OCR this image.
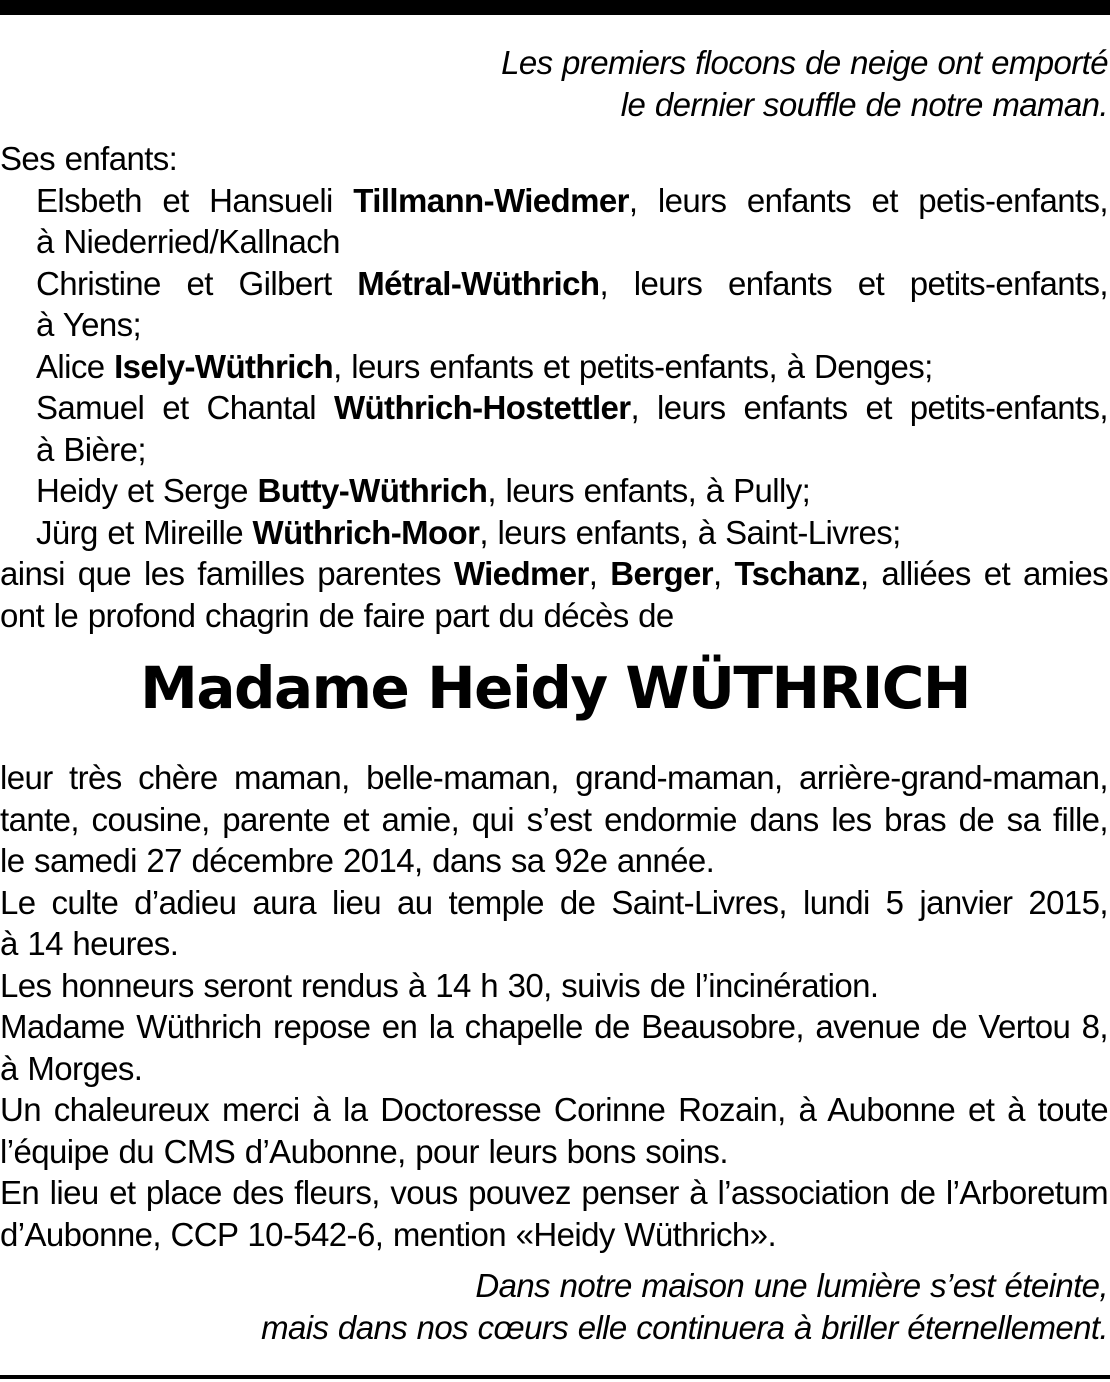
Les premiers flocons de neige ont emporté
le dernier souffle de notre maman.
Ses enfants:
Elsbeth et Hansueli Tillmann-Wiedmer, leurs enfants et petis-enfants,
à Niederried/Kallnach
Christine et Gilbert Métral-Wüthrich, leurs enfants et petits-enfants,
à Yens;
Alice Isely-Wüthrich, leurs enfants et petits-enfants, à Denges;
Samuel et Chantal Wüthrich-Hostettler, leurs enfants et petits-enfants,
à Bière;
Heidy et Serge Butty-Wüthrich, leurs enfants, à Pully;
Jürg et Mireille Wüthrich-Moor, leurs enfants, à Saint-Livres;
ainsi que les familles parentes Wiedmer, Berger, Tschanz, alliées et amies
ont le profond chagrin de faire part du décès de
Madame Heidy WÜTHRICH
leur très chère maman, belle-maman, grand-maman, arrière-grand-maman,
tante, cousine, parente et amie, qui s’est endormie dans les bras de sa fille,
le samedi 27 décembre 2014, dans sa 92e année.
Le culte d’adieu aura lieu au temple de Saint-Livres, lundi 5 janvier 2015,
à 14 heures.
Les honneurs seront rendus à 14 h 30, suivis de l’incinération.
Madame Wüthrich repose en la chapelle de Beausobre, avenue de Vertou 8,
à Morges.
Un chaleureux merci à la Doctoresse Corinne Rozain, à Aubonne et à toute
l’équipe du CMS d’Aubonne, pour leurs bons soins.
En lieu et place des fleurs, vous pouvez penser à l’association de l’Arboretum
d’Aubonne, CCP 10-542-6, mention «Heidy Wüthrich».
Dans notre maison une lumière s’est éteinte,
mais dans nos cœurs elle continuera à briller éternellement.
